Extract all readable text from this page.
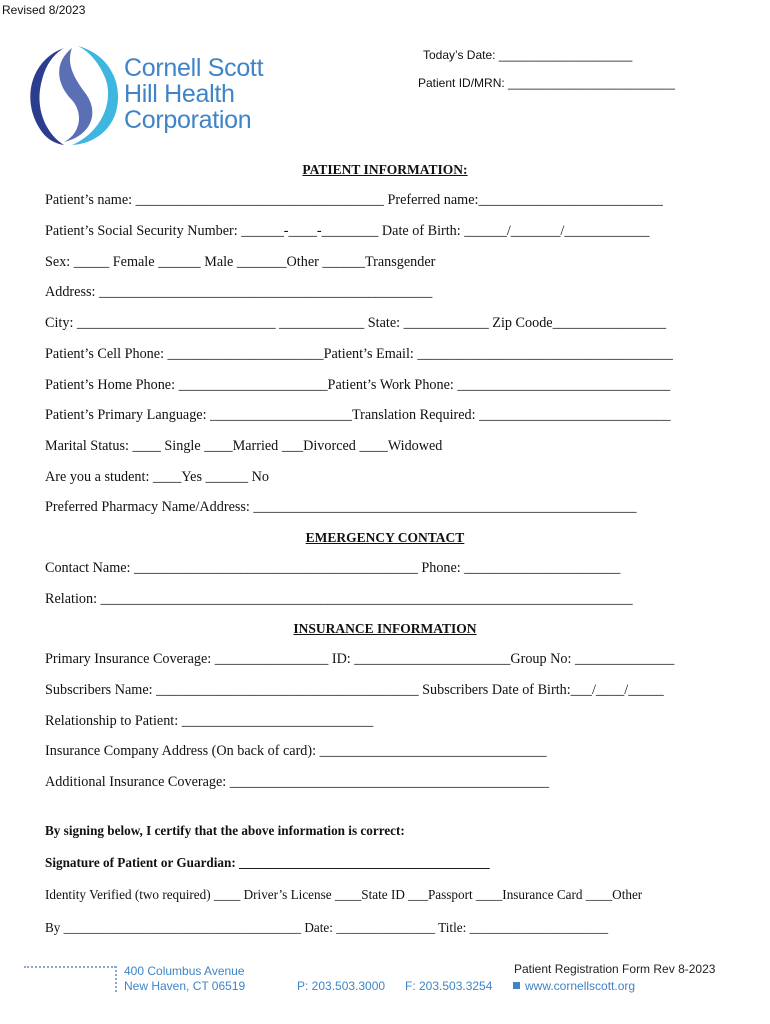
Revised 8/2023
Cornell Scott
Hill Health
Corporation
Today’s Date: ____________________
Patient ID/MRN: _________________________
PATIENT INFORMATION:
Patient’s name: ___________________________________ Preferred name:__________________________
Patient’s Social Security Number: ______-____-________ Date of Birth: ______/_______/____________
Sex: _____ Female ______ Male _______Other ______Transgender
Address: _______________________________________________
City: ____________________________ ____________ State: ____________ Zip Coode________________
Patient’s Cell Phone: ______________________Patient’s Email: ____________________________________
Patient’s Home Phone: _____________________Patient’s Work Phone: ______________________________
Patient’s Primary Language: ____________________Translation Required: ___________________________
Marital Status: ____ Single ____Married ___Divorced ____Widowed
Are you a student: ____Yes ______ No
Preferred Pharmacy Name/Address: ______________________________________________________
EMERGENCY CONTACT
Contact Name: ________________________________________ Phone: ______________________
Relation: ___________________________________________________________________________
INSURANCE INFORMATION
Primary Insurance Coverage: ________________ ID: ______________________Group No: ______________
Subscribers Name: _____________________________________ Subscribers Date of Birth:___/____/_____
Relationship to Patient: ___________________________
Insurance Company Address (On back of card): ________________________________
Additional Insurance Coverage: _____________________________________________
By signing below, I certify that the above information is correct:
Signature of Patient or Guardian: ______________________________________
Identity Verified (two required) ____ Driver’s License ____State ID ___Passport ____Insurance Card ____Other
By ____________________________________ Date: _______________ Title: _____________________
400 Columbus Avenue
New Haven, CT 06519	P: 203.503.3000 F: 203.503.3254	www.cornellscott.org
Patient Registration Form Rev 8-2023
